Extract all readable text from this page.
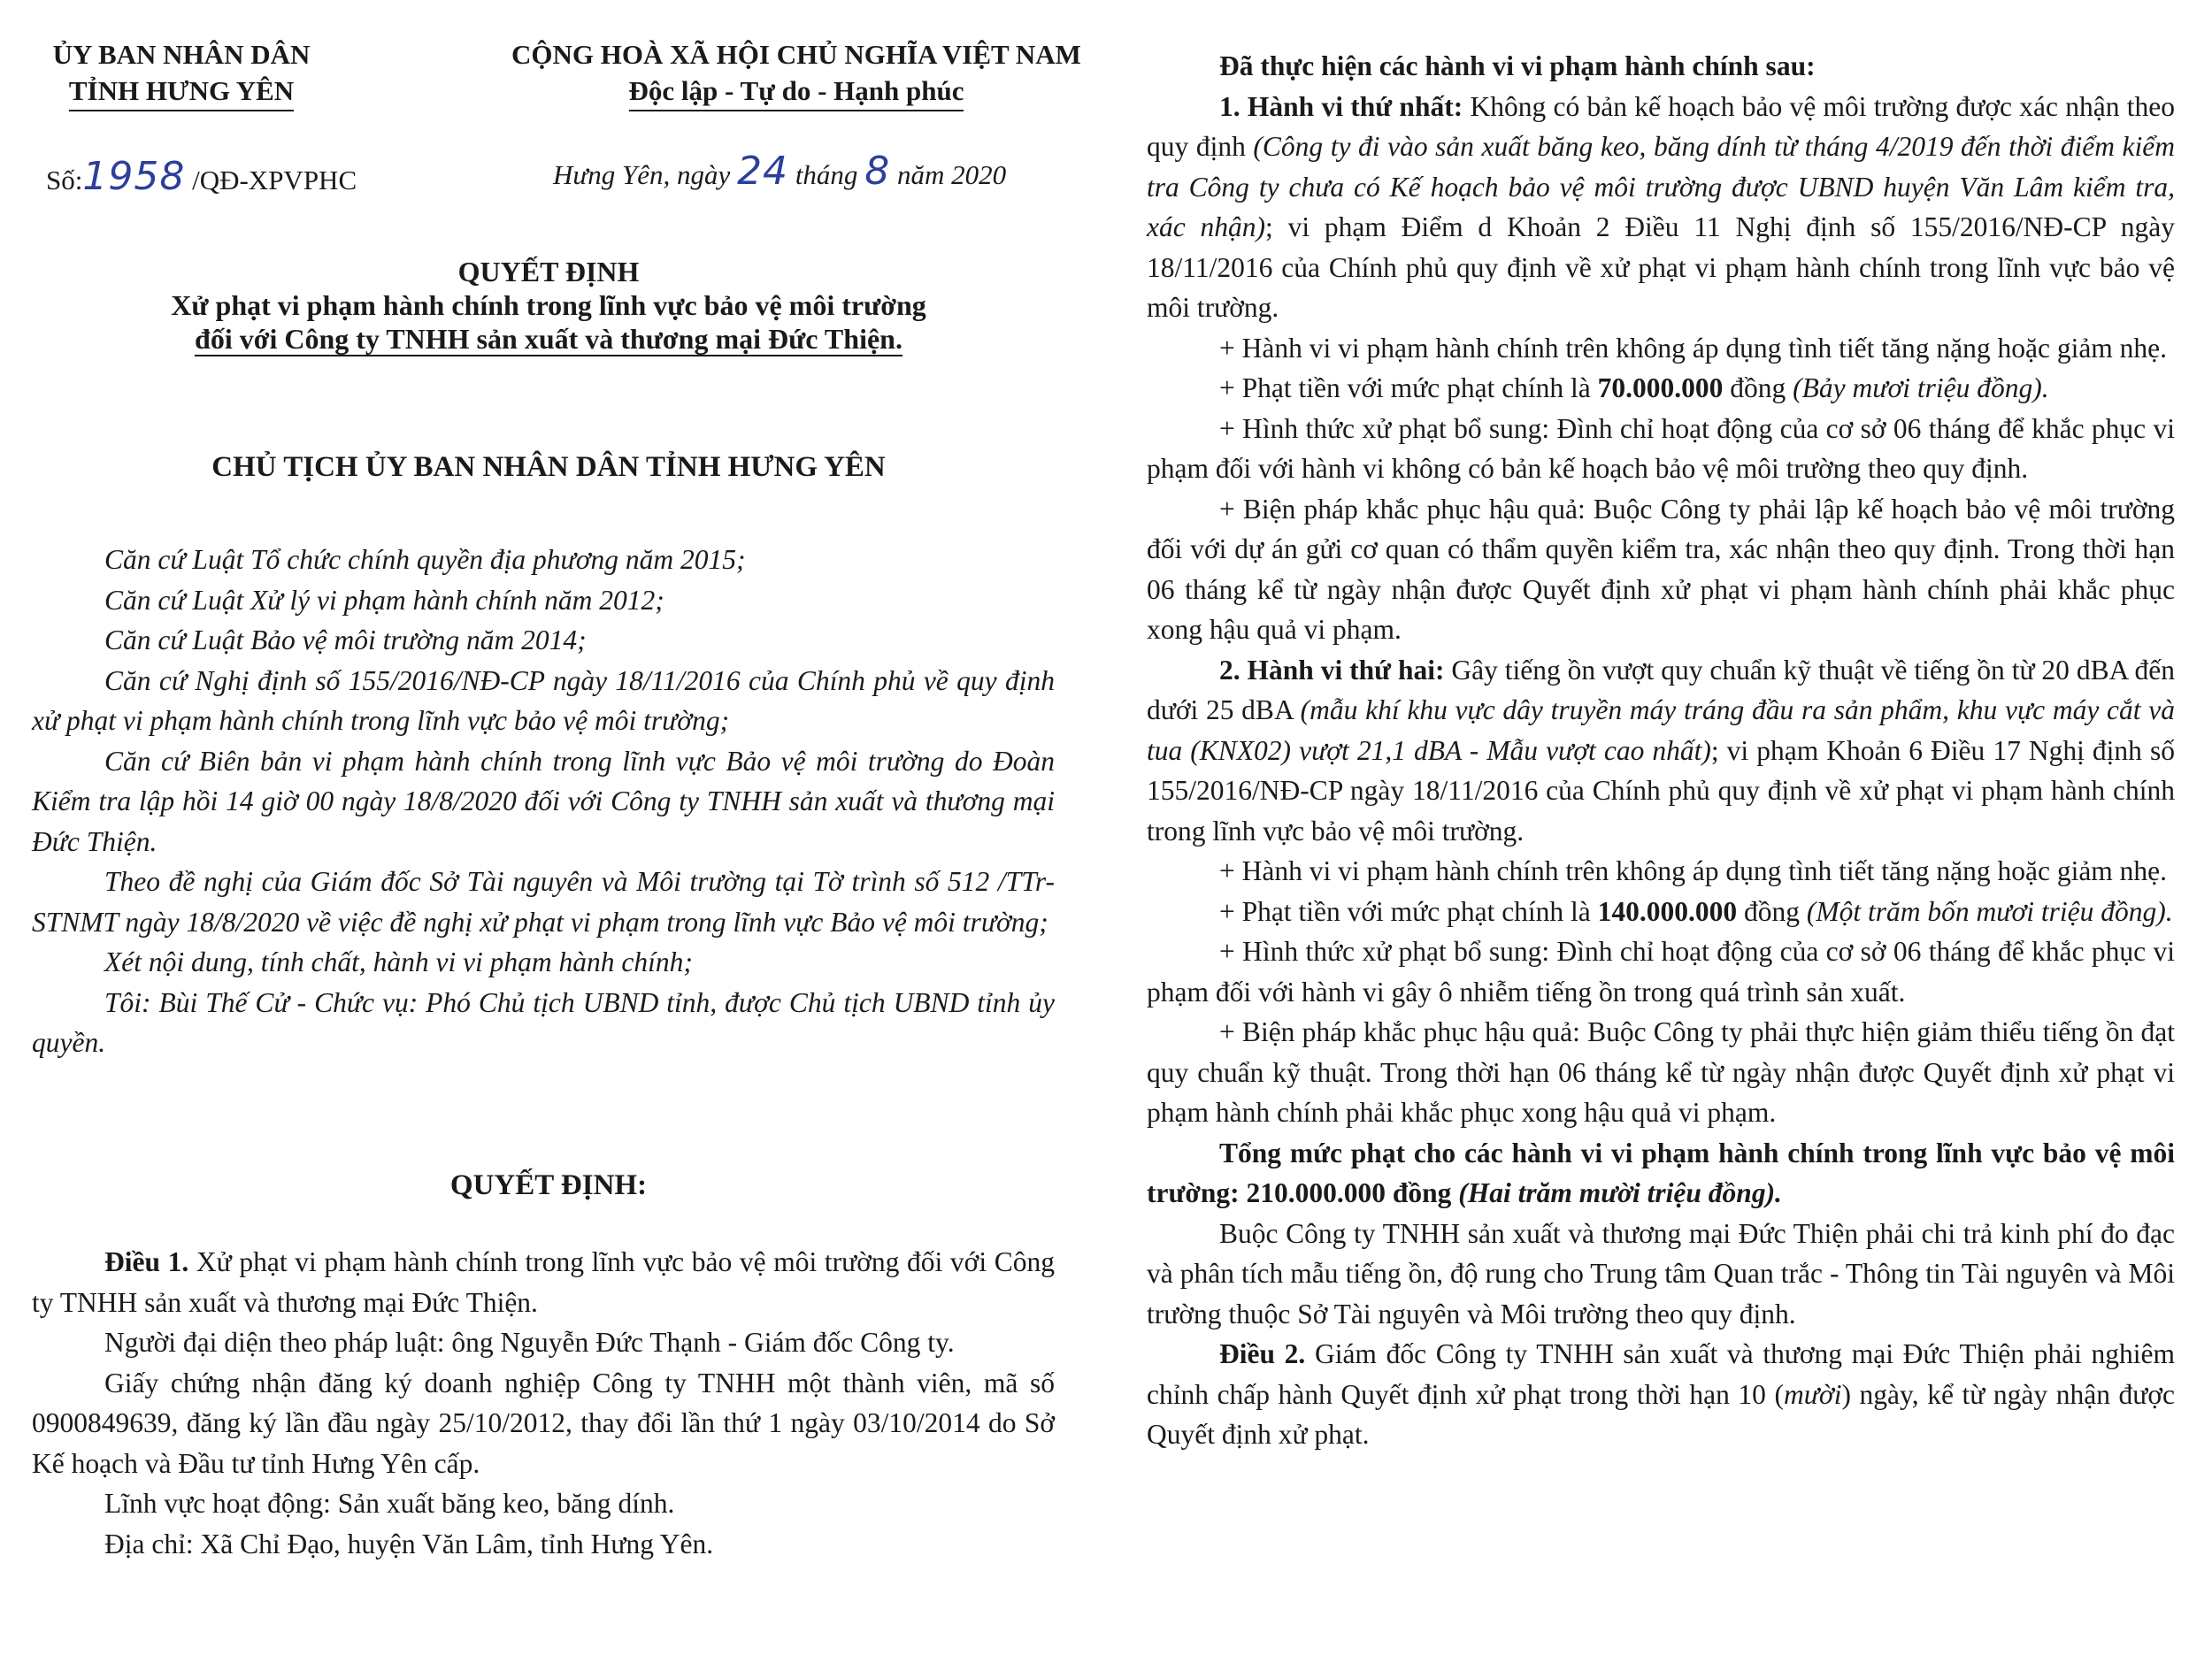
ỦY BAN NHÂN DÂN
TỈNH HƯNG YÊN
CỘNG HOÀ XÃ HỘI CHỦ NGHĨA VIỆT NAM
Độc lập - Tự do - Hạnh phúc
Số:1958 /QĐ-XPVPHC	Hưng Yên, ngày 24 tháng 8 năm 2020
QUYẾT ĐỊNH
Xử phạt vi phạm hành chính trong lĩnh vực bảo vệ môi trường
đối với Công ty TNHH sản xuất và thương mại Đức Thiện.
CHỦ TỊCH ỦY BAN NHÂN DÂN TỈNH HƯNG YÊN

Căn cứ Luật Tổ chức chính quyền địa phương năm 2015;

Căn cứ Luật Xử lý vi phạm hành chính năm 2012;

Căn cứ Luật Bảo vệ môi trường năm 2014;

Căn cứ Nghị định số 155/2016/NĐ-CP ngày 18/11/2016 của Chính phủ về quy định xử phạt vi phạm hành chính trong lĩnh vực bảo vệ môi trường;

Căn cứ Biên bản vi phạm hành chính trong lĩnh vực Bảo vệ môi trường do Đoàn Kiểm tra lập hồi 14 giờ 00 ngày 18/8/2020 đối với Công ty TNHH sản xuất và thương mại Đức Thiện.

Theo đề nghị của Giám đốc Sở Tài nguyên và Môi trường tại Tờ trình số 512 /TTr-STNMT ngày 18/8/2020 về việc đề nghị xử phạt vi phạm trong lĩnh vực Bảo vệ môi trường;

Xét nội dung, tính chất, hành vi vi phạm hành chính;

Tôi: Bùi Thế Cử - Chức vụ: Phó Chủ tịch UBND tỉnh, được Chủ tịch UBND tỉnh ủy quyền.

QUYẾT ĐỊNH:

Điều 1. Xử phạt vi phạm hành chính trong lĩnh vực bảo vệ môi trường đối với Công ty TNHH sản xuất và thương mại Đức Thiện.

Người đại diện theo pháp luật: ông Nguyễn Đức Thạnh - Giám đốc Công ty.

Giấy chứng nhận đăng ký doanh nghiệp Công ty TNHH một thành viên, mã số 0900849639, đăng ký lần đầu ngày 25/10/2012, thay đổi lần thứ 1 ngày 03/10/2014 do Sở Kế hoạch và Đầu tư tỉnh Hưng Yên cấp.

Lĩnh vực hoạt động: Sản xuất băng keo, băng dính.

Địa chỉ: Xã Chỉ Đạo, huyện Văn Lâm, tỉnh Hưng Yên.

Đã thực hiện các hành vi vi phạm hành chính sau:

1. Hành vi thứ nhất: Không có bản kế hoạch bảo vệ môi trường được xác nhận theo quy định (Công ty đi vào sản xuất băng keo, băng dính từ tháng 4/2019 đến thời điểm kiểm tra Công ty chưa có Kế hoạch bảo vệ môi trường được UBND huyện Văn Lâm kiểm tra, xác nhận); vi phạm Điểm d Khoản 2 Điều 11 Nghị định số 155/2016/NĐ-CP ngày 18/11/2016 của Chính phủ quy định về xử phạt vi phạm hành chính trong lĩnh vực bảo vệ môi trường.

+ Hành vi vi phạm hành chính trên không áp dụng tình tiết tăng nặng hoặc giảm nhẹ.

+ Phạt tiền với mức phạt chính là 70.000.000 đồng (Bảy mươi triệu đồng).

+ Hình thức xử phạt bổ sung: Đình chỉ hoạt động của cơ sở 06 tháng để khắc phục vi phạm đối với hành vi không có bản kế hoạch bảo vệ môi trường theo quy định.

+ Biện pháp khắc phục hậu quả: Buộc Công ty phải lập kế hoạch bảo vệ môi trường đối với dự án gửi cơ quan có thẩm quyền kiểm tra, xác nhận theo quy định. Trong thời hạn 06 tháng kể từ ngày nhận được Quyết định xử phạt vi phạm hành chính phải khắc phục xong hậu quả vi phạm.

2. Hành vi thứ hai: Gây tiếng ồn vượt quy chuẩn kỹ thuật về tiếng ồn từ 20 dBA đến dưới 25 dBA (mẫu khí khu vực dây truyền máy tráng đầu ra sản phẩm, khu vực máy cắt và tua (KNX02) vượt 21,1 dBA - Mẫu vượt cao nhất); vi phạm Khoản 6 Điều 17 Nghị định số 155/2016/NĐ-CP ngày 18/11/2016 của Chính phủ quy định về xử phạt vi phạm hành chính trong lĩnh vực bảo vệ môi trường.

+ Hành vi vi phạm hành chính trên không áp dụng tình tiết tăng nặng hoặc giảm nhẹ.

+ Phạt tiền với mức phạt chính là 140.000.000 đồng (Một trăm bốn mươi triệu đồng).

+ Hình thức xử phạt bổ sung: Đình chỉ hoạt động của cơ sở 06 tháng để khắc phục vi phạm đối với hành vi gây ô nhiễm tiếng ồn trong quá trình sản xuất.

+ Biện pháp khắc phục hậu quả: Buộc Công ty phải thực hiện giảm thiểu tiếng ồn đạt quy chuẩn kỹ thuật. Trong thời hạn 06 tháng kể từ ngày nhận được Quyết định xử phạt vi phạm hành chính phải khắc phục xong hậu quả vi phạm.

Tổng mức phạt cho các hành vi vi phạm hành chính trong lĩnh vực bảo vệ môi trường: 210.000.000 đồng (Hai trăm mười triệu đồng).

Buộc Công ty TNHH sản xuất và thương mại Đức Thiện phải chi trả kinh phí đo đạc và phân tích mẫu tiếng ồn, độ rung cho Trung tâm Quan trắc - Thông tin Tài nguyên và Môi trường thuộc Sở Tài nguyên và Môi trường theo quy định.

Điều 2. Giám đốc Công ty TNHH sản xuất và thương mại Đức Thiện phải nghiêm chỉnh chấp hành Quyết định xử phạt trong thời hạn 10 (mười) ngày, kể từ ngày nhận được Quyết định xử phạt.
